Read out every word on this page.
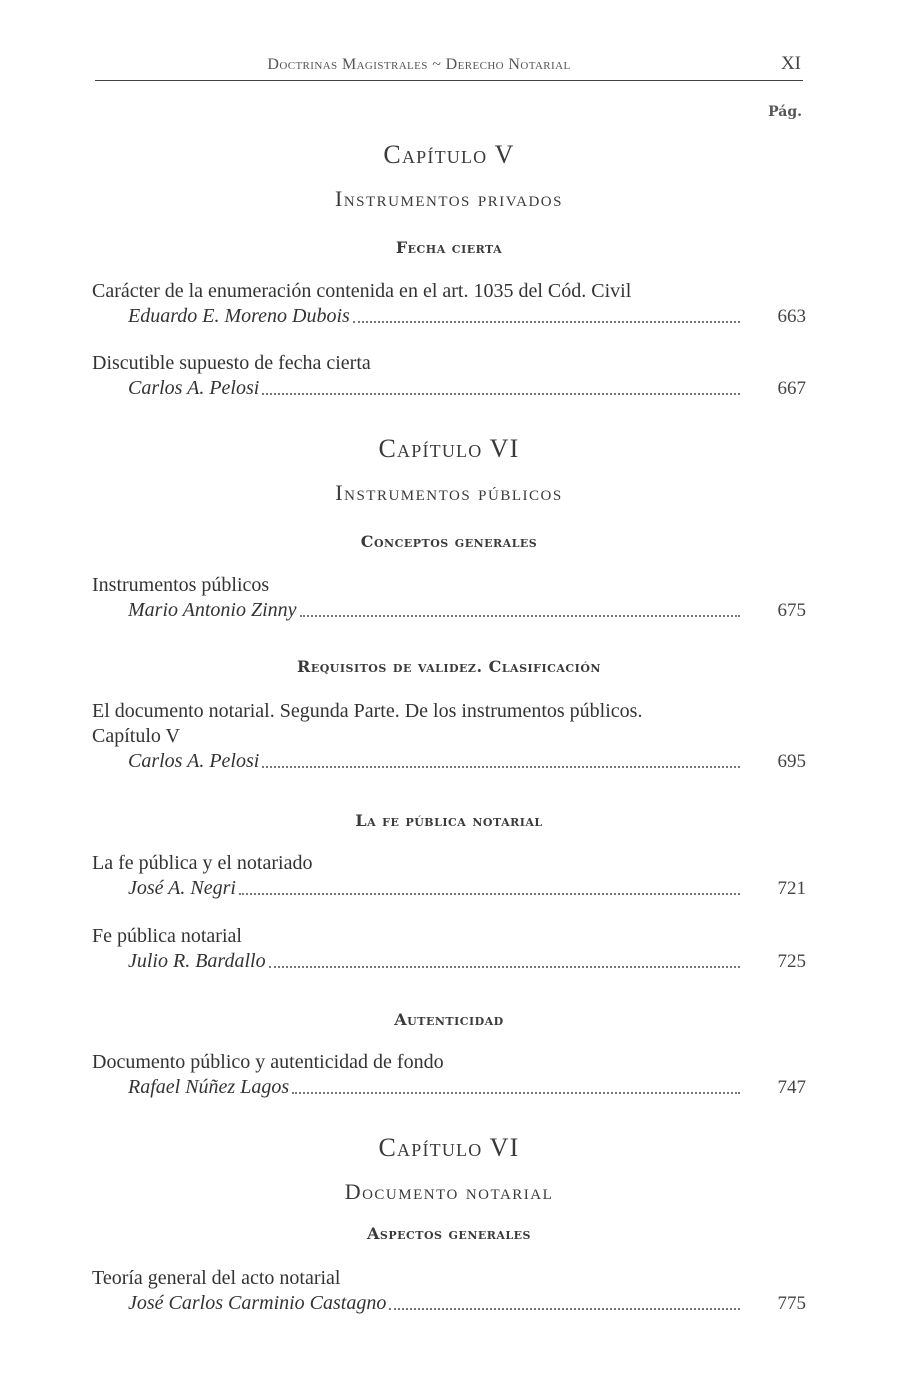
Doctrinas Magistrales ~ Derecho Notarial	XI
Pág.
Capítulo V
Instrumentos privados
Fecha cierta

Carácter de la enumeración contenida en el art. 1035 del Cód. Civil

Eduardo E. Moreno Dubois	663

Discutible supuesto de fecha cierta

Carlos A. Pelosi	667
Capítulo VI
Instrumentos públicos
Conceptos generales

Instrumentos públicos

Mario Antonio Zinny	675
Requisitos de validez. Clasificación

El documento notarial. Segunda Parte. De los instrumentos públicos.

Capítulo V

Carlos A. Pelosi	695
La fe pública notarial

La fe pública y el notariado

José A. Negri	721

Fe pública notarial

Julio R. Bardallo	725
Autenticidad

Documento público y autenticidad de fondo

Rafael Núñez Lagos	747
Capítulo VI
Documento notarial
Aspectos generales

Teoría general del acto notarial

José Carlos Carminio Castagno	775
